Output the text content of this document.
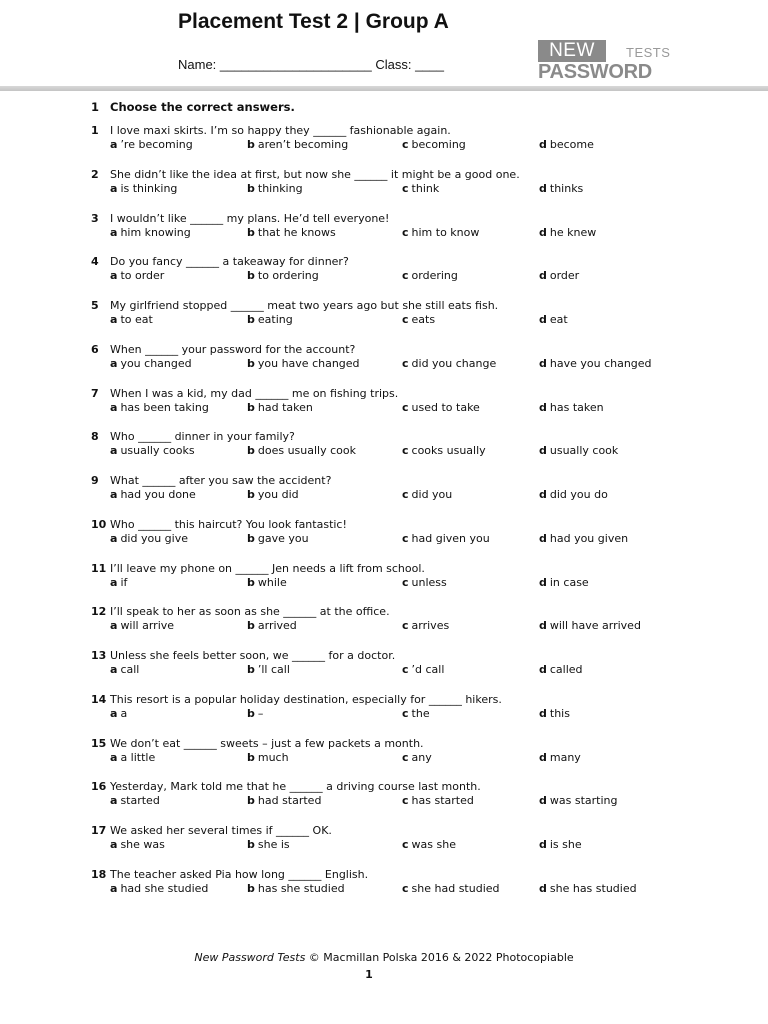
Placement Test 2 | Group A
Name: _____________________ Class: ____
NEW	TESTS
PASSWORD
1 Choose the correct answers.
1	I love maxi skirts. I’m so happy they ______ fashionable again.
a ’re becoming	b aren’t becoming	c becoming	d become
2	She didn’t like the idea at first, but now she ______ it might be a good one.
a is thinking	b thinking	c think	d thinks
3	I wouldn’t like ______ my plans. He’d tell everyone!
a him knowing	b that he knows	c him to know	d he knew
4	Do you fancy ______ a takeaway for dinner?
a to order	b to ordering	c ordering	d order
5	My girlfriend stopped ______ meat two years ago but she still eats fish.
a to eat	b eating	c eats	d eat
6	When ______ your password for the account?
a you changed	b you have changed	c did you change	d have you changed
7	When I was a kid, my dad ______ me on fishing trips.
a has been taking	b had taken	c used to take	d has taken
8	Who ______ dinner in your family?
a usually cooks	b does usually cook	c cooks usually	d usually cook
9	What ______ after you saw the accident?
a had you done	b you did	c did you	d did you do
10 Who ______ this haircut? You look fantastic!
a did you give	b gave you	c had given you	d had you given
11 I’ll leave my phone on ______ Jen needs a lift from school.
a if	b while	c unless	d in case
12 I’ll speak to her as soon as she ______ at the office.
a will arrive	b arrived	c arrives	d will have arrived
13 Unless she feels better soon, we ______ for a doctor.
a call	b ’ll call	c ’d call	d called
14 This resort is a popular holiday destination, especially for ______ hikers.
a a	b –	c the	d this
15 We don’t eat ______ sweets – just a few packets a month.
a a little	b much	c any	d many
16 Yesterday, Mark told me that he ______ a driving course last month.
a started	b had started	c has started	d was starting
17 We asked her several times if ______ OK.
a she was	b she is	c was she	d is she
18 The teacher asked Pia how long ______ English.
a had she studied	b has she studied	c she had studied	d she has studied
New Password Tests © Macmillan Polska 2016 & 2022 Photocopiable
1
